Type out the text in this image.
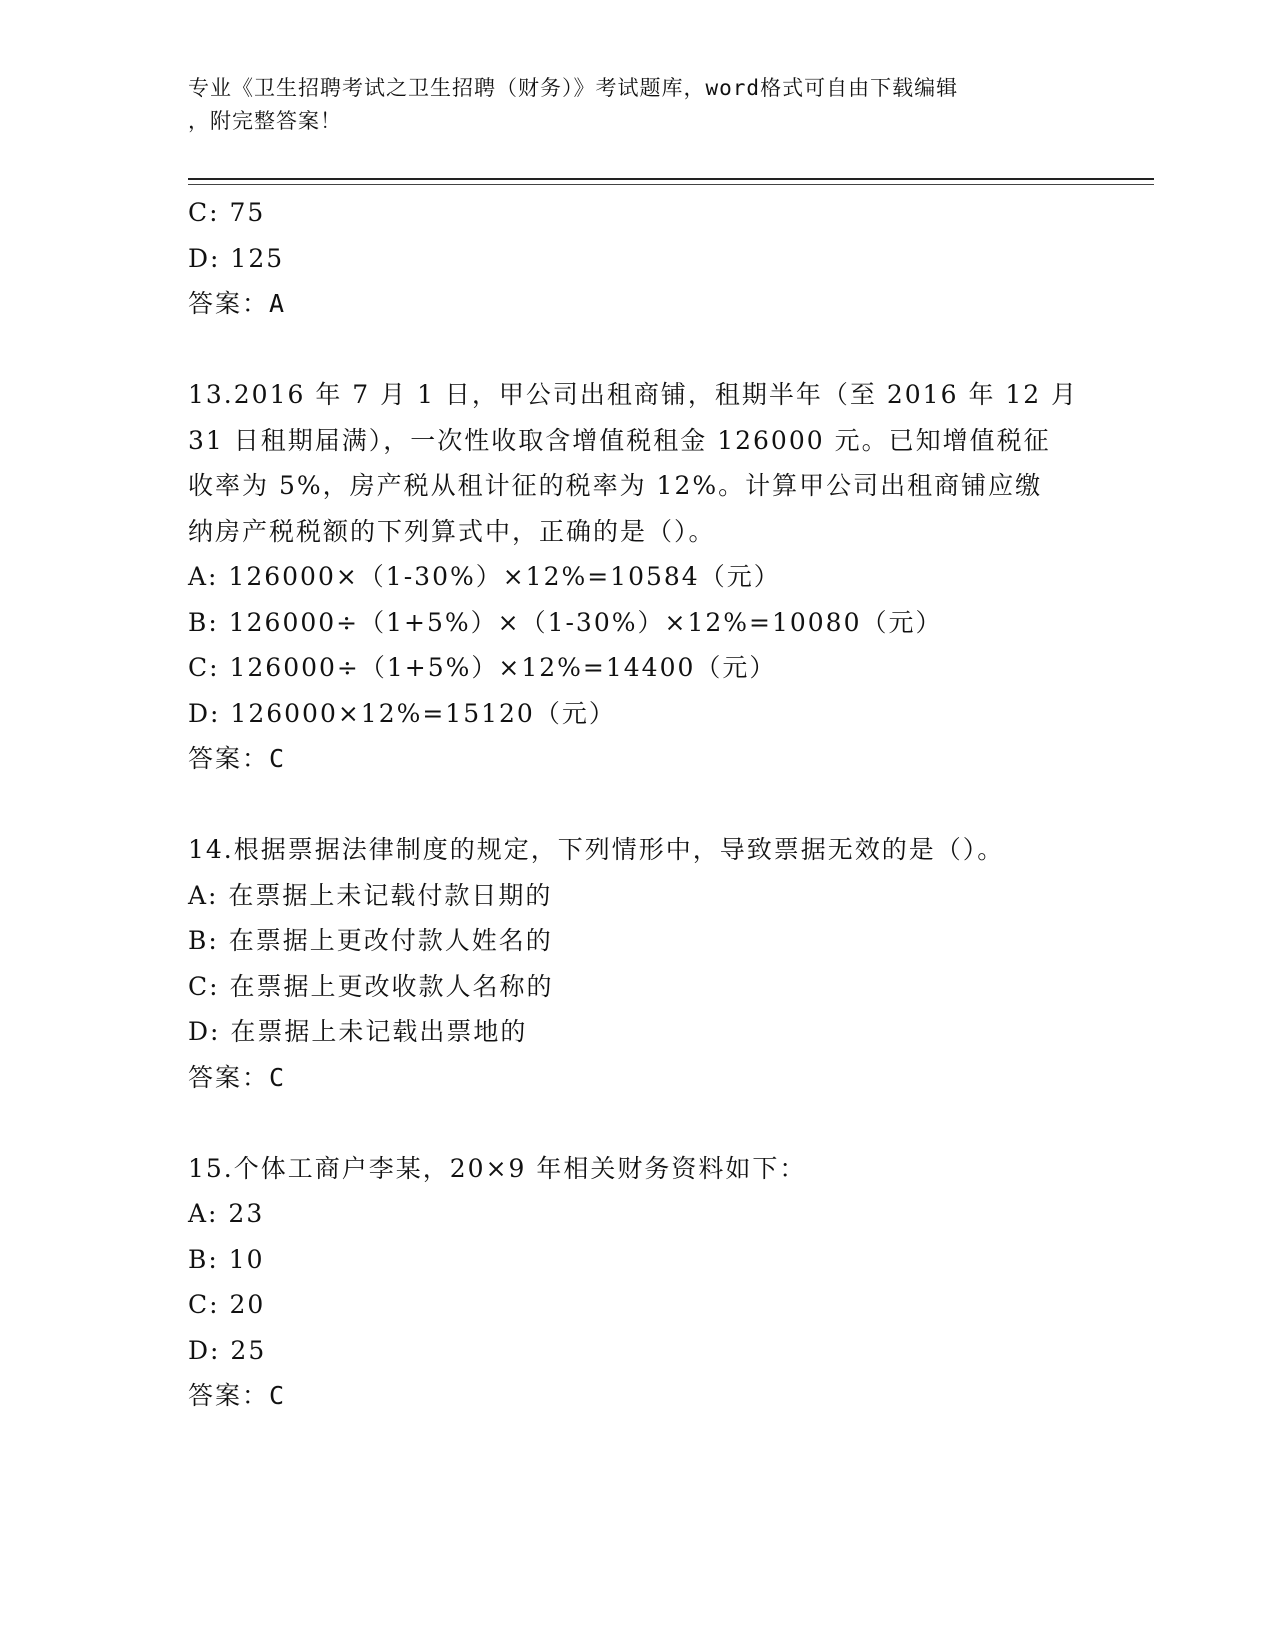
专业《卫生招聘考试之卫生招聘（财务）》考试题库，word格式可自由下载编辑
，附完整答案！
C: 75
D: 125
答案：A
13.2016 年 7 月 1 日，甲公司出租商铺，租期半年（至 2016 年 12 月
31 日租期届满），一次性收取含增值税租金 126000 元。已知增值税征
收率为 5%，房产税从租计征的税率为 12%。计算甲公司出租商铺应缴
纳房产税税额的下列算式中，正确的是（）。
A: 126000×（1-30%）×12%=10584（元）
B: 126000÷（1+5%）×（1-30%）×12%=10080（元）
C: 126000÷（1+5%）×12%=14400（元）
D: 126000×12%=15120（元）
答案：C
14.根据票据法律制度的规定，下列情形中，导致票据无效的是（）。
A: 在票据上未记载付款日期的
B: 在票据上更改付款人姓名的
C: 在票据上更改收款人名称的
D: 在票据上未记载出票地的
答案：C
15.个体工商户李某，20×9 年相关财务资料如下：
A: 23
B: 10
C: 20
D: 25
答案：C
